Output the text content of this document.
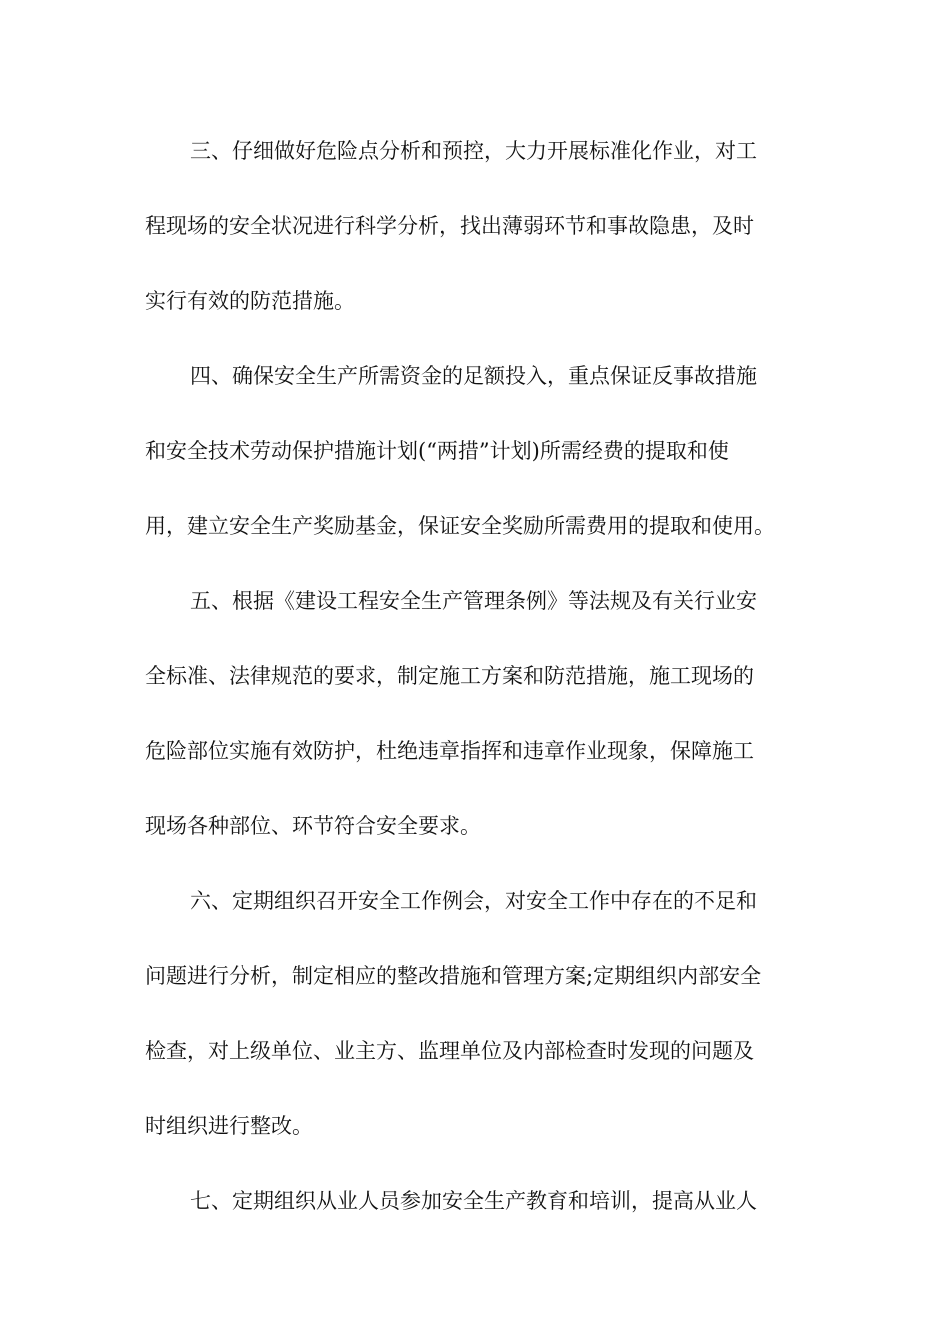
三、仔细做好危险点分析和预控，大力开展标准化作业，对工
程现场的安全状况进行科学分析，找出薄弱环节和事故隐患，及时
实行有效的防范措施。
四、确保安全生产所需资金的足额投入，重点保证反事故措施
和安全技术劳动保护措施计划(“两措”计划)所需经费的提取和使
用，建立安全生产奖励基金，保证安全奖励所需费用的提取和使用。
五、根据《建设工程安全生产管理条例》等法规及有关行业安
全标准、法律规范的要求，制定施工方案和防范措施，施工现场的
危险部位实施有效防护，杜绝违章指挥和违章作业现象，保障施工
现场各种部位、环节符合安全要求。
六、定期组织召开安全工作例会，对安全工作中存在的不足和
问题进行分析，制定相应的整改措施和管理方案;定期组织内部安全
检查，对上级单位、业主方、监理单位及内部检查时发现的问题及
时组织进行整改。
七、定期组织从业人员参加安全生产教育和培训，提高从业人
